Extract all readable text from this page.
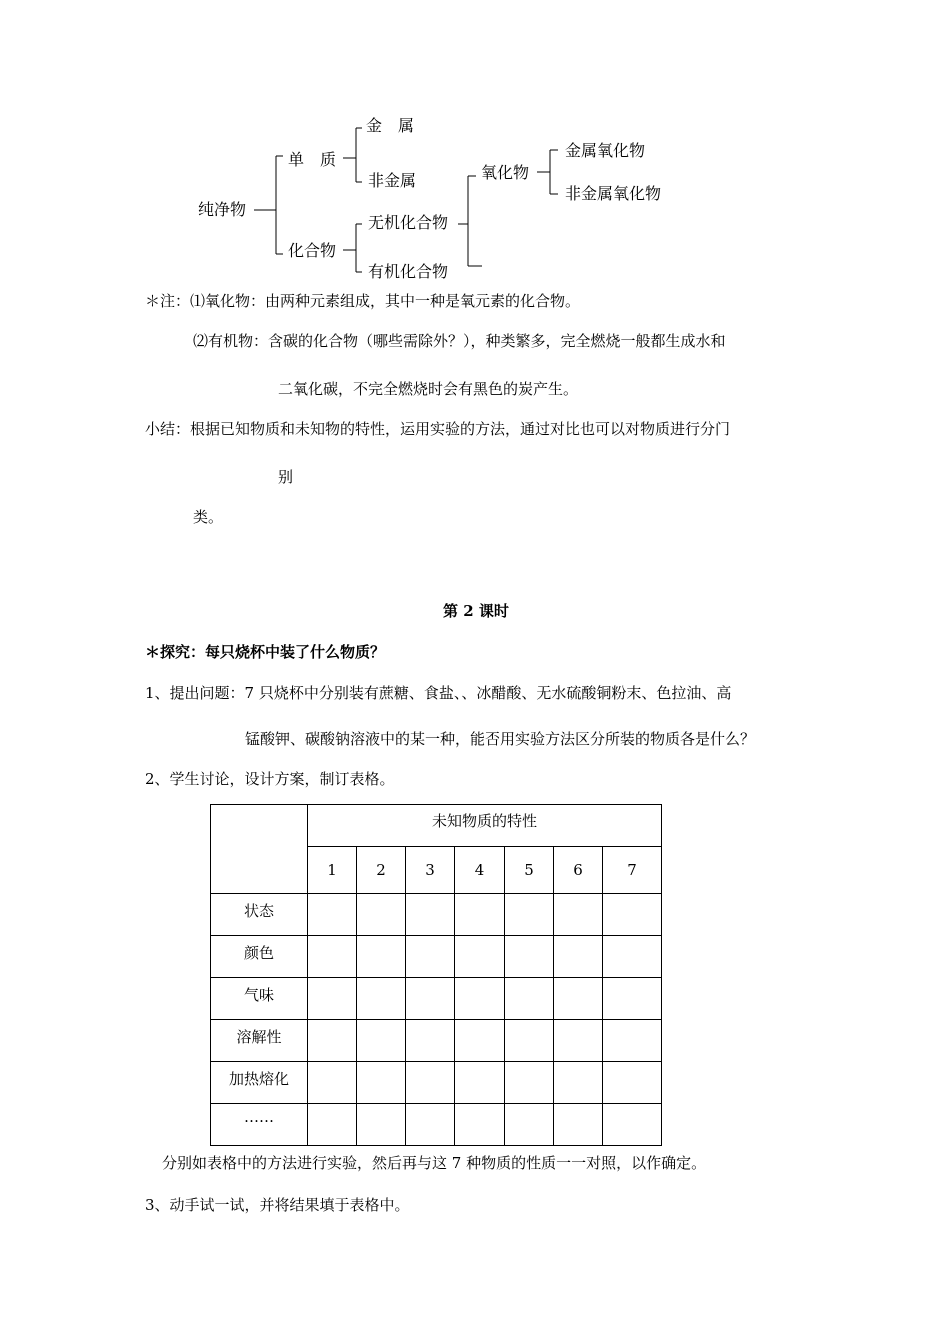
纯净物
单　质
金　属
非金属
化合物
无机化合物
有机化合物
氧化物
金属氧化物
非金属氧化物
＊注：⑴氧化物：由两种元素组成，其中一种是氧元素的化合物。
⑵有机物：含碳的化合物（哪些需除外？），种类繁多，完全燃烧一般都生成水和
二氧化碳，不完全燃烧时会有黑色的炭产生。
小结：根据已知物质和未知物的特性，运用实验的方法，通过对比也可以对物质进行分门
别
类。
第 2 课时
＊探究：每只烧杯中装了什么物质？
1、提出问题：7 只烧杯中分别装有蔗糖、食盐、、冰醋酸、无水硫酸铜粉末、色拉油、高
锰酸钾、碳酸钠溶液中的某一种，能否用实验方法区分所装的物质各是什么？
2、学生讨论，设计方案，制订表格。
	未知物质的特性						
	1	2	3	4	5	6	7
状态							
颜色							
气味							
溶解性							
加热熔化							
……							
分别如表格中的方法进行实验，然后再与这 7 种物质的性质一一对照，以作确定。
3、动手试一试，并将结果填于表格中。
